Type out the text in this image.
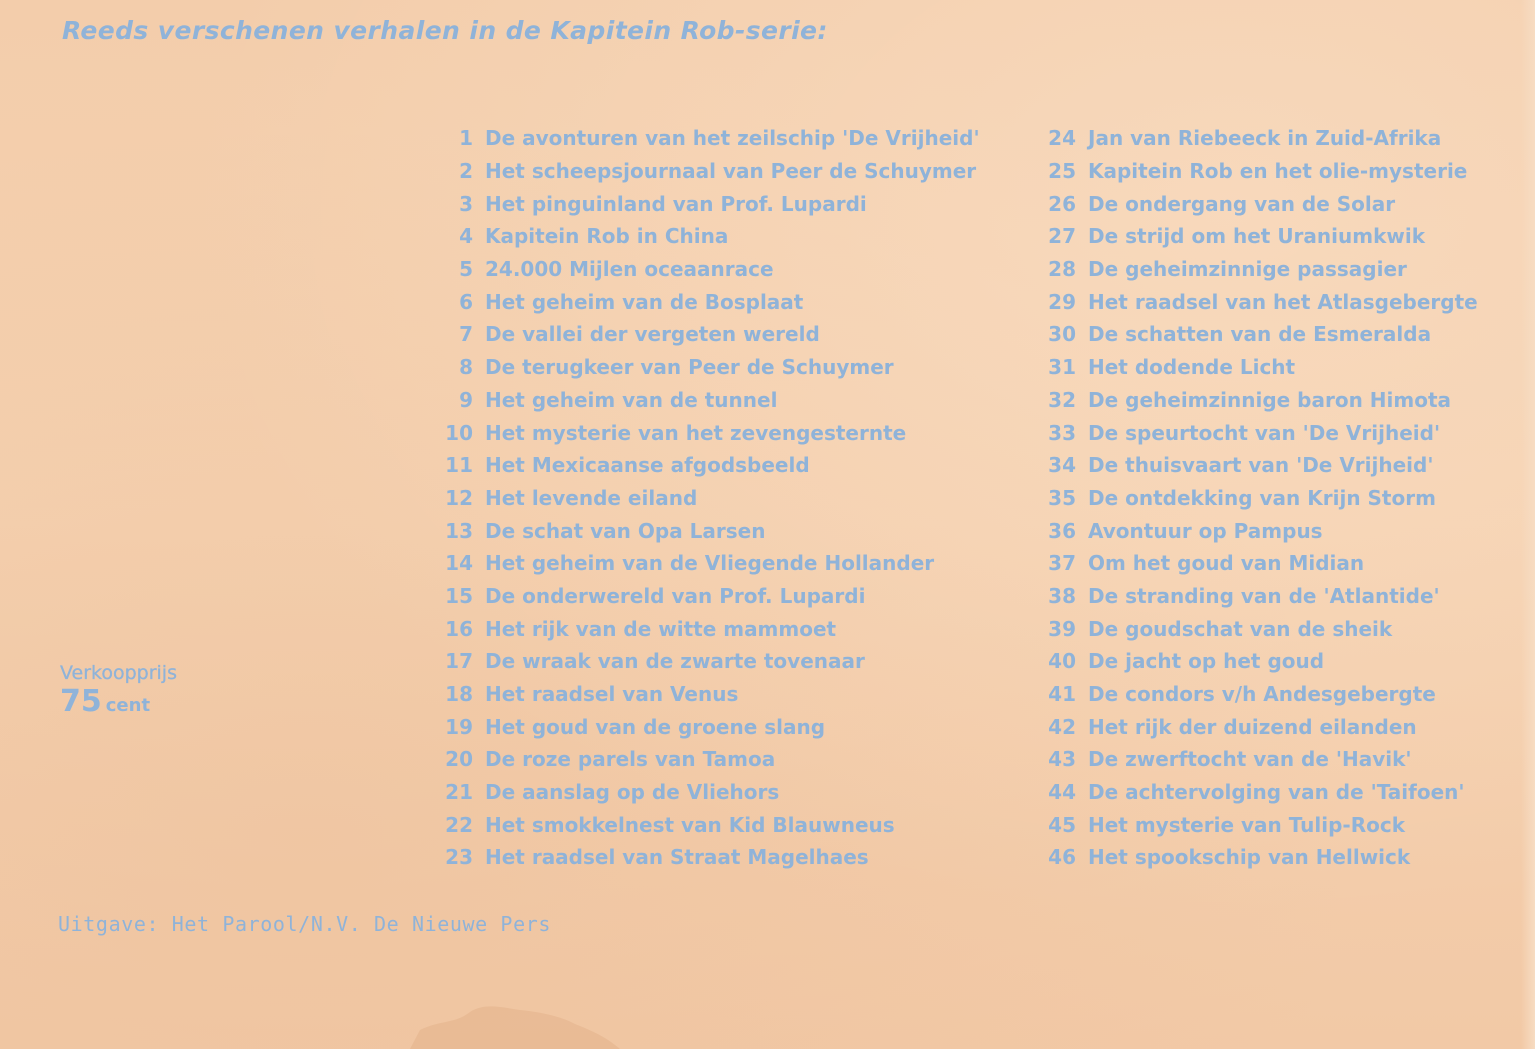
Reeds verschenen verhalen in de Kapitein Rob-serie:
1 De avonturen van het zeilschip 'De Vrijheid'
2 Het scheepsjournaal van Peer de Schuymer
3 Het pinguinland van Prof. Lupardi
4 Kapitein Rob in China
5 24.000 Mijlen oceaanrace
6 Het geheim van de Bosplaat
7 De vallei der vergeten wereld
8 De terugkeer van Peer de Schuymer
9 Het geheim van de tunnel
10 Het mysterie van het zevengesternte
11 Het Mexicaanse afgodsbeeld
12 Het levende eiland
13 De schat van Opa Larsen
14 Het geheim van de Vliegende Hollander
15 De onderwereld van Prof. Lupardi
16 Het rijk van de witte mammoet
17 De wraak van de zwarte tovenaar
18 Het raadsel van Venus
19 Het goud van de groene slang
20 De roze parels van Tamoa
21 De aanslag op de Vliehors
22 Het smokkelnest van Kid Blauwneus
23 Het raadsel van Straat Magelhaes
24 Jan van Riebeeck in Zuid-Afrika
25 Kapitein Rob en het olie-mysterie
26 De ondergang van de Solar
27 De strijd om het Uraniumkwik
28 De geheimzinnige passagier
29 Het raadsel van het Atlasgebergte
30 De schatten van de Esmeralda
31 Het dodende Licht
32 De geheimzinnige baron Himota
33 De speurtocht van 'De Vrijheid'
34 De thuisvaart van 'De Vrijheid'
35 De ontdekking van Krijn Storm
36 Avontuur op Pampus
37 Om het goud van Midian
38 De stranding van de 'Atlantide'
39 De goudschat van de sheik
40 De jacht op het goud
41 De condors v/h Andesgebergte
42 Het rijk der duizend eilanden
43 De zwerftocht van de 'Havik'
44 De achtervolging van de 'Taifoen'
45 Het mysterie van Tulip-Rock
46 Het spookschip van Hellwick
Verkoopprijs
75 cent
Uitgave: Het Parool/N.V. De Nieuwe Pers
